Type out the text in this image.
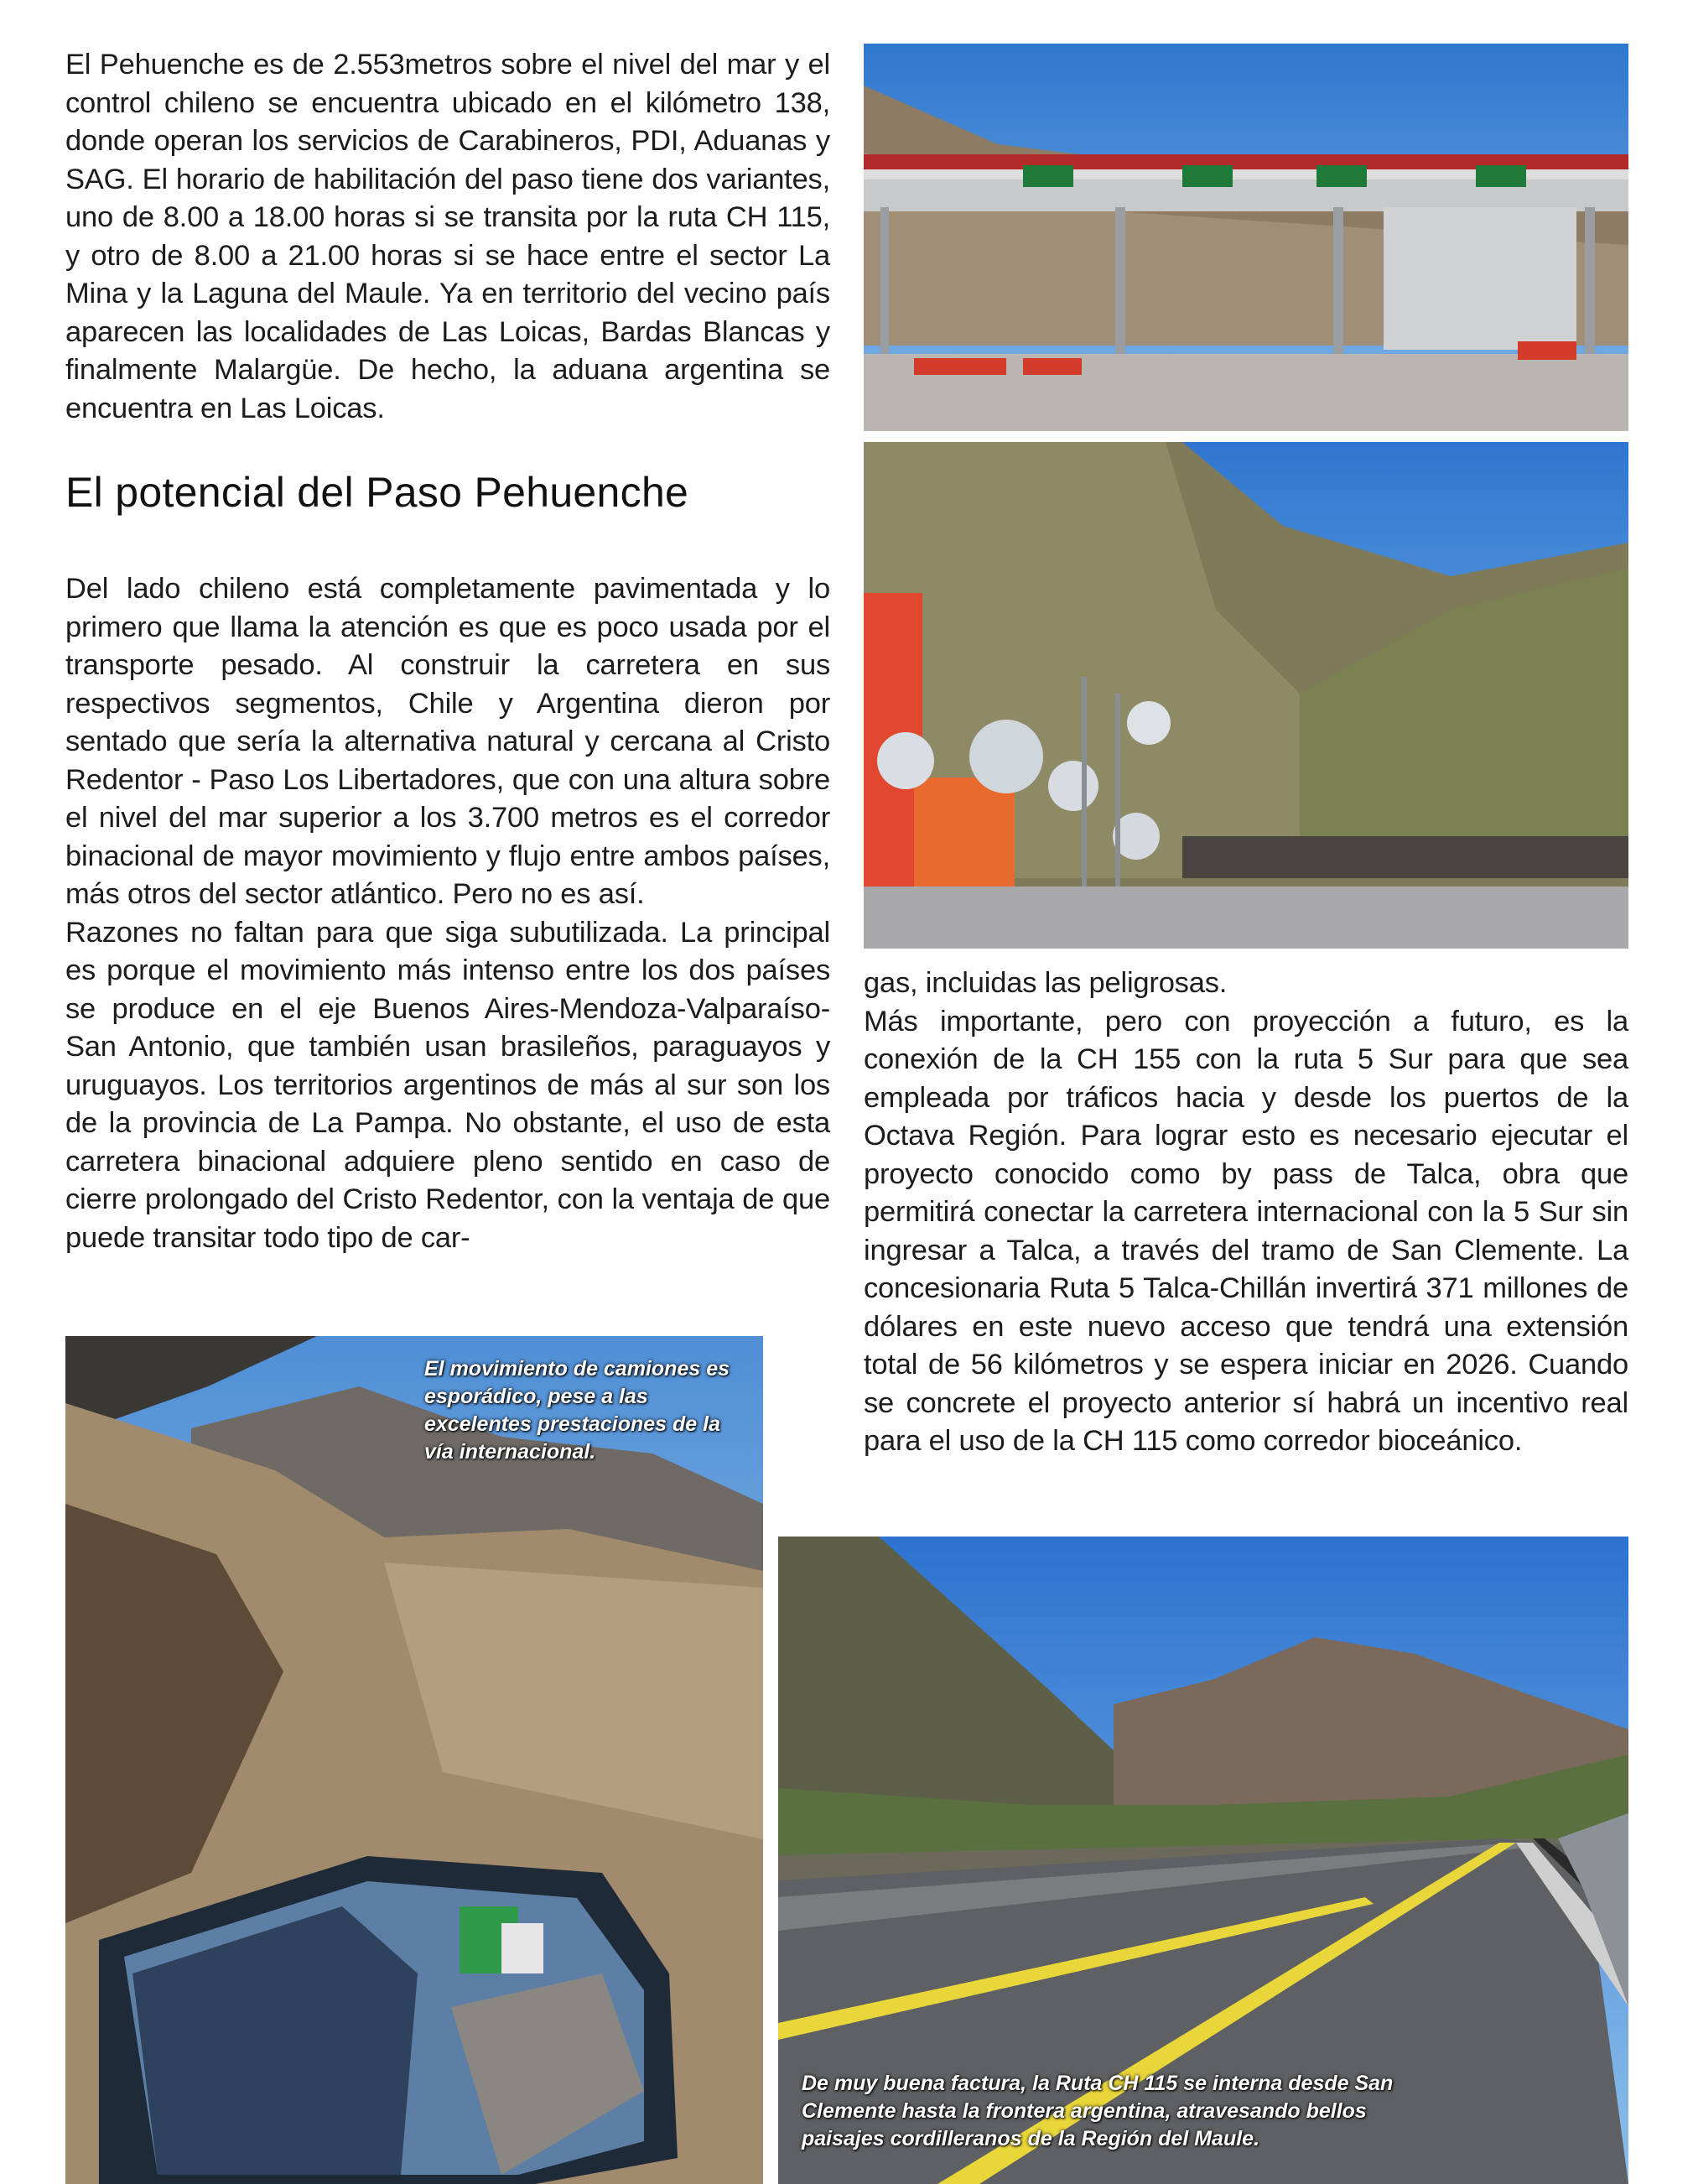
El Pehuenche es de 2.553metros sobre el nivel del mar y el control chileno se encuentra ubicado en el kilómetro 138, donde operan los servicios de Carabineros, PDI, Aduanas y SAG. El horario de habilitación del paso tiene dos variantes, uno de 8.00 a 18.00 horas si se transita por la ruta CH 115, y otro de 8.00 a 21.00 horas si se hace entre el sector La Mina y la Laguna del Maule. Ya en territorio del vecino país aparecen las localidades de Las Loicas, Bardas Blancas y finalmente Malargüe. De hecho, la aduana argentina se encuentra en Las Loicas.

El potencial del Paso Pehuenche

Del lado chileno está completamente pavimentada y lo primero que llama la atención es que es poco usada por el transporte pesado. Al construir la carretera en sus respectivos segmentos, Chile y Argentina dieron por sentado que sería la alternativa natural y cercana al Cristo Redentor - Paso Los Libertadores, que con una altura sobre el nivel del mar superior a los 3.700 metros es el corredor binacional de mayor movimiento y flujo entre ambos países, más otros del sector atlántico. Pero no es así.

Razones no faltan para que siga subutilizada. La principal es porque el movimiento más intenso entre los dos países se produce en el eje Buenos Aires-Mendoza-Valparaíso-San Antonio, que también usan brasileños, paraguayos y uruguayos. Los territorios argentinos de más al sur son los de la provincia de La Pampa. No obstante, el uso de esta carretera binacional adquiere pleno sentido en caso de cierre prolongado del Cristo Redentor, con la ventaja de que puede transitar todo tipo de car-

gas, incluidas las peligrosas.

Más importante, pero con proyección a futuro, es la conexión de la CH 155 con la ruta 5 Sur para que sea empleada por tráficos hacia y desde los puertos de la Octava Región. Para lograr esto es necesario ejecutar el proyecto conocido como by pass de Talca, obra que permitirá conectar la carretera internacional con la 5 Sur sin ingresar a Talca, a través del tramo de San Clemente. La concesionaria Ruta 5 Talca-Chillán invertirá 371 millones de dólares en este nuevo acceso que tendrá una extensión total de 56 kilómetros y se espera iniciar en 2026. Cuando se concrete el proyecto anterior sí habrá un incentivo real para el uso de la CH 115 como corredor bioceánico.

El movimiento de camiones es esporádico, pese a las excelentes prestaciones de la vía internacional.
De muy buena factura, la Ruta CH 115 se interna desde San Clemente hasta la frontera argentina, atravesando bellos paisajes cordilleranos de la Región del Maule.
